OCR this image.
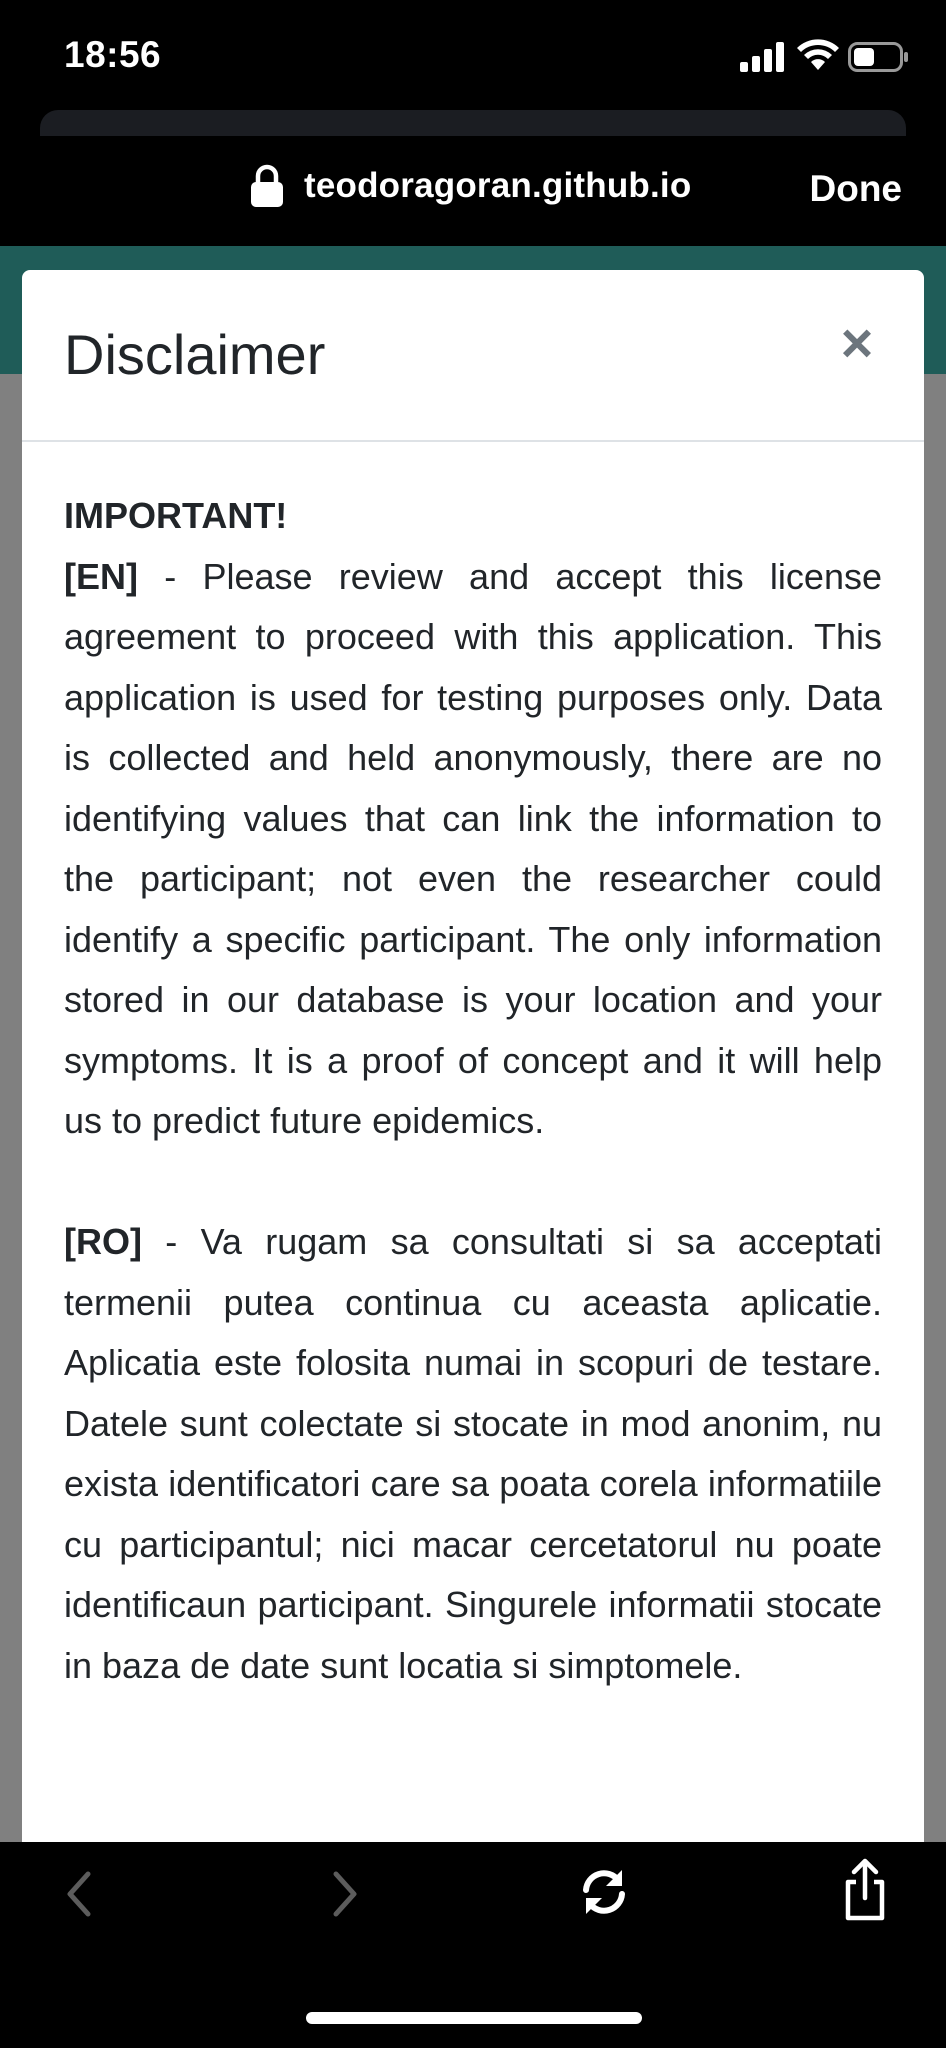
18:56
teodoragoran.github.io	Done
Disclaimer	×

IMPORTANT!

[EN] - Please review and accept this license agreement to proceed with this application. This application is used for testing purposes only. Data is collected and held anonymously, there are no identifying values that can link the information to the participant; not even the researcher could identify a specific participant. The only information stored in our database is your location and your symptoms. It is a proof of concept and it will help us to predict future epidemics.

[RO] - Va rugam sa consultati si sa acceptati termenii putea continua cu aceasta aplicatie. Aplicatia este folosita numai in scopuri de testare. Datele sunt colectate si stocate in mod anonim, nu exista identificatori care sa poata corela informatiile cu participantul; nici macar cercetatorul nu poate identificaun participant. Singurele informatii stocate in baza de date sunt locatia si simptomele.
